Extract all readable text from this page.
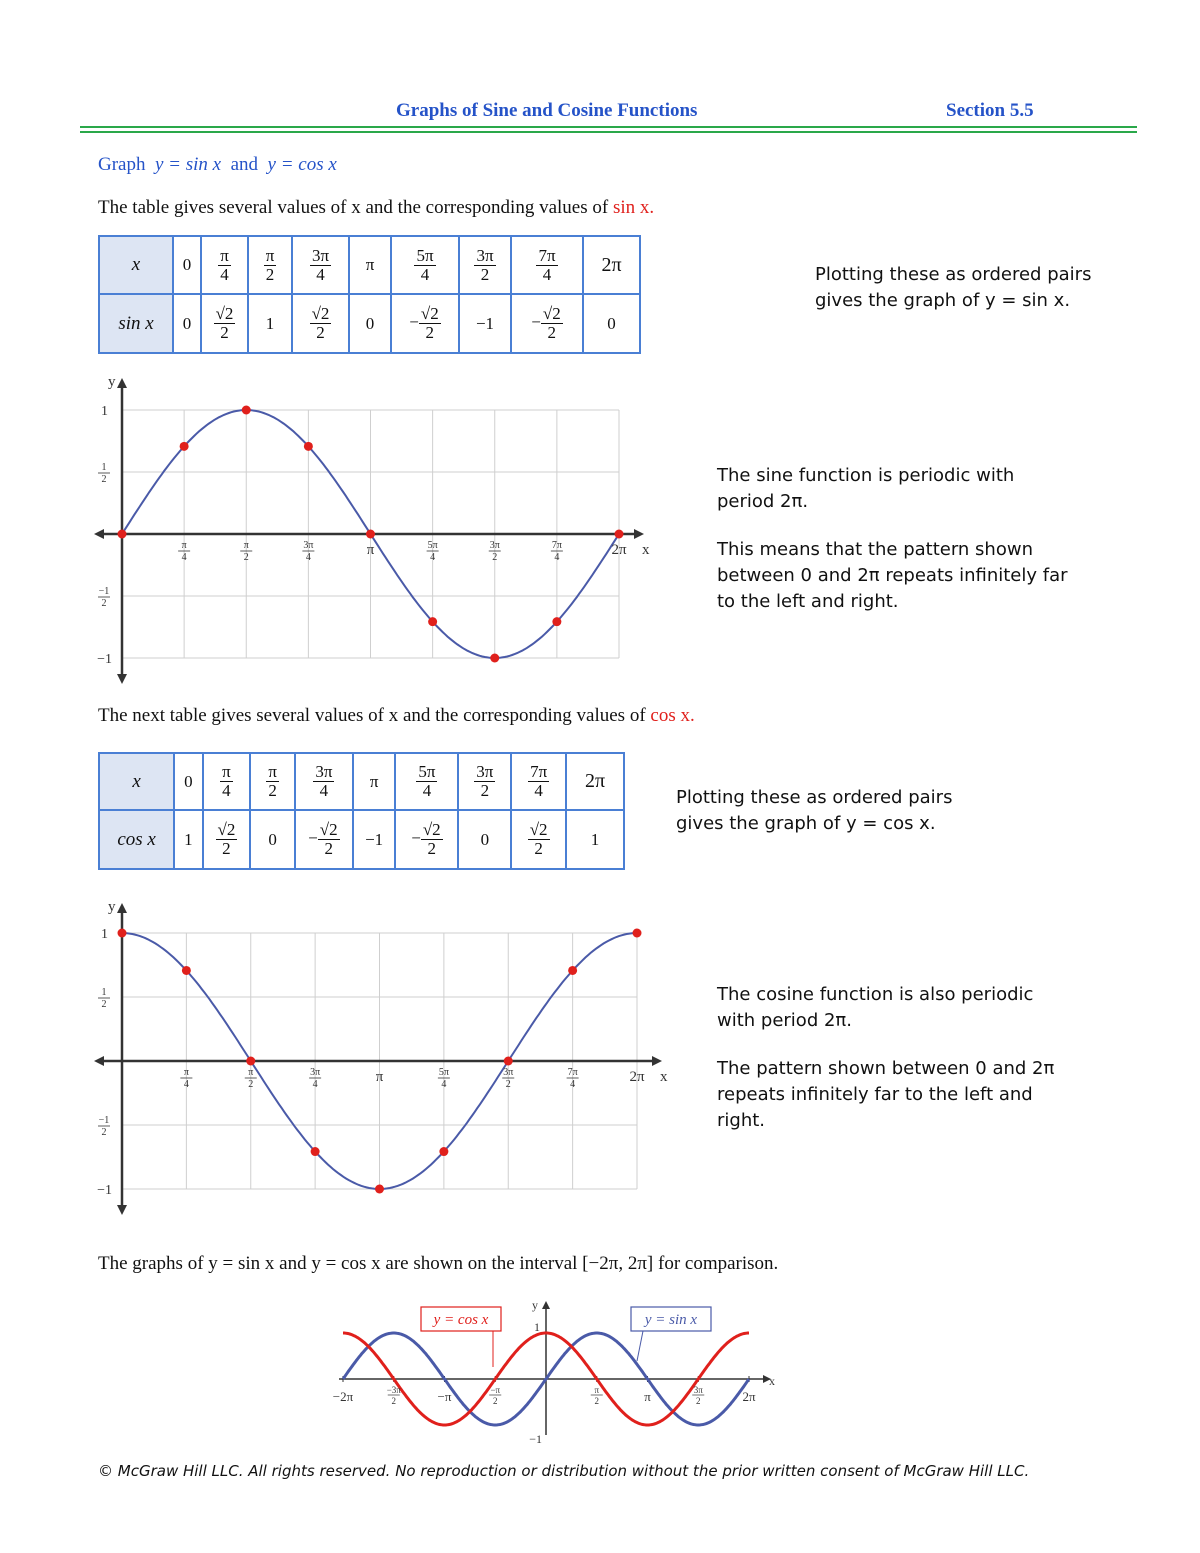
Graphs of Sine and Cosine Functions	Section 5.5
Graph y = sin x and y = cos x
The table gives several values of x and the corresponding values of sin x.
x	0	$\frac{\pi}{4}$	$\frac{\pi}{2}$	$\frac{3\pi}{4}$	π	$\frac{5\pi}{4}$	$\frac{3\pi}{2}$	$\frac{7\pi}{4}$	2π
sin x	0	$\frac{√2}{2}$	1	$\frac{√2}{2}$	0	− $\frac{√2}{2}$	−1	− $\frac{√2}{2}$	0
Plotting these as ordered pairs
gives the graph of y = sin x.
The sine function is periodic with
period 2π.
This means that the pattern shown
between 0 and 2π repeats infinitely far
to the left and right.
y
x
π
4
π
2
3π
4	π	5π
4
3π
2
7π
4	2π
1
1
2
−1
2
−1
The next table gives several values of x and the corresponding values of cos x.
x	0	$\frac{\pi}{4}$	$\frac{\pi}{2}$	$\frac{3\pi}{4}$	π	$\frac{5\pi}{4}$	$\frac{3\pi}{2}$	$\frac{7\pi}{4}$	2π
cos x	1	$\frac{√2}{2}$	0	− $\frac{√2}{2}$	−1	− $\frac{√2}{2}$	0	$\frac{√2}{2}$	1
Plotting these as ordered pairs
gives the graph of y = cos x.
The cosine function is also periodic
with period 2π.
The pattern shown between 0 and 2π
repeats infinitely far to the left and
right.
y
x
π
4
π
2
3π
4	π	5π
4
3π
2
7π
4	2π
1
1
2
−1
2
−1
The graphs of y = sin x and y = cos x are shown on the interval [−2π, 2π] for comparison.
y
x
−2π	−3π
2	−π	−π
2
π
2	π	3π
2	2π
1
−1
y = cos x	y = sin x
© McGraw Hill LLC. All rights reserved. No reproduction or distribution without the prior written consent of McGraw Hill LLC.
